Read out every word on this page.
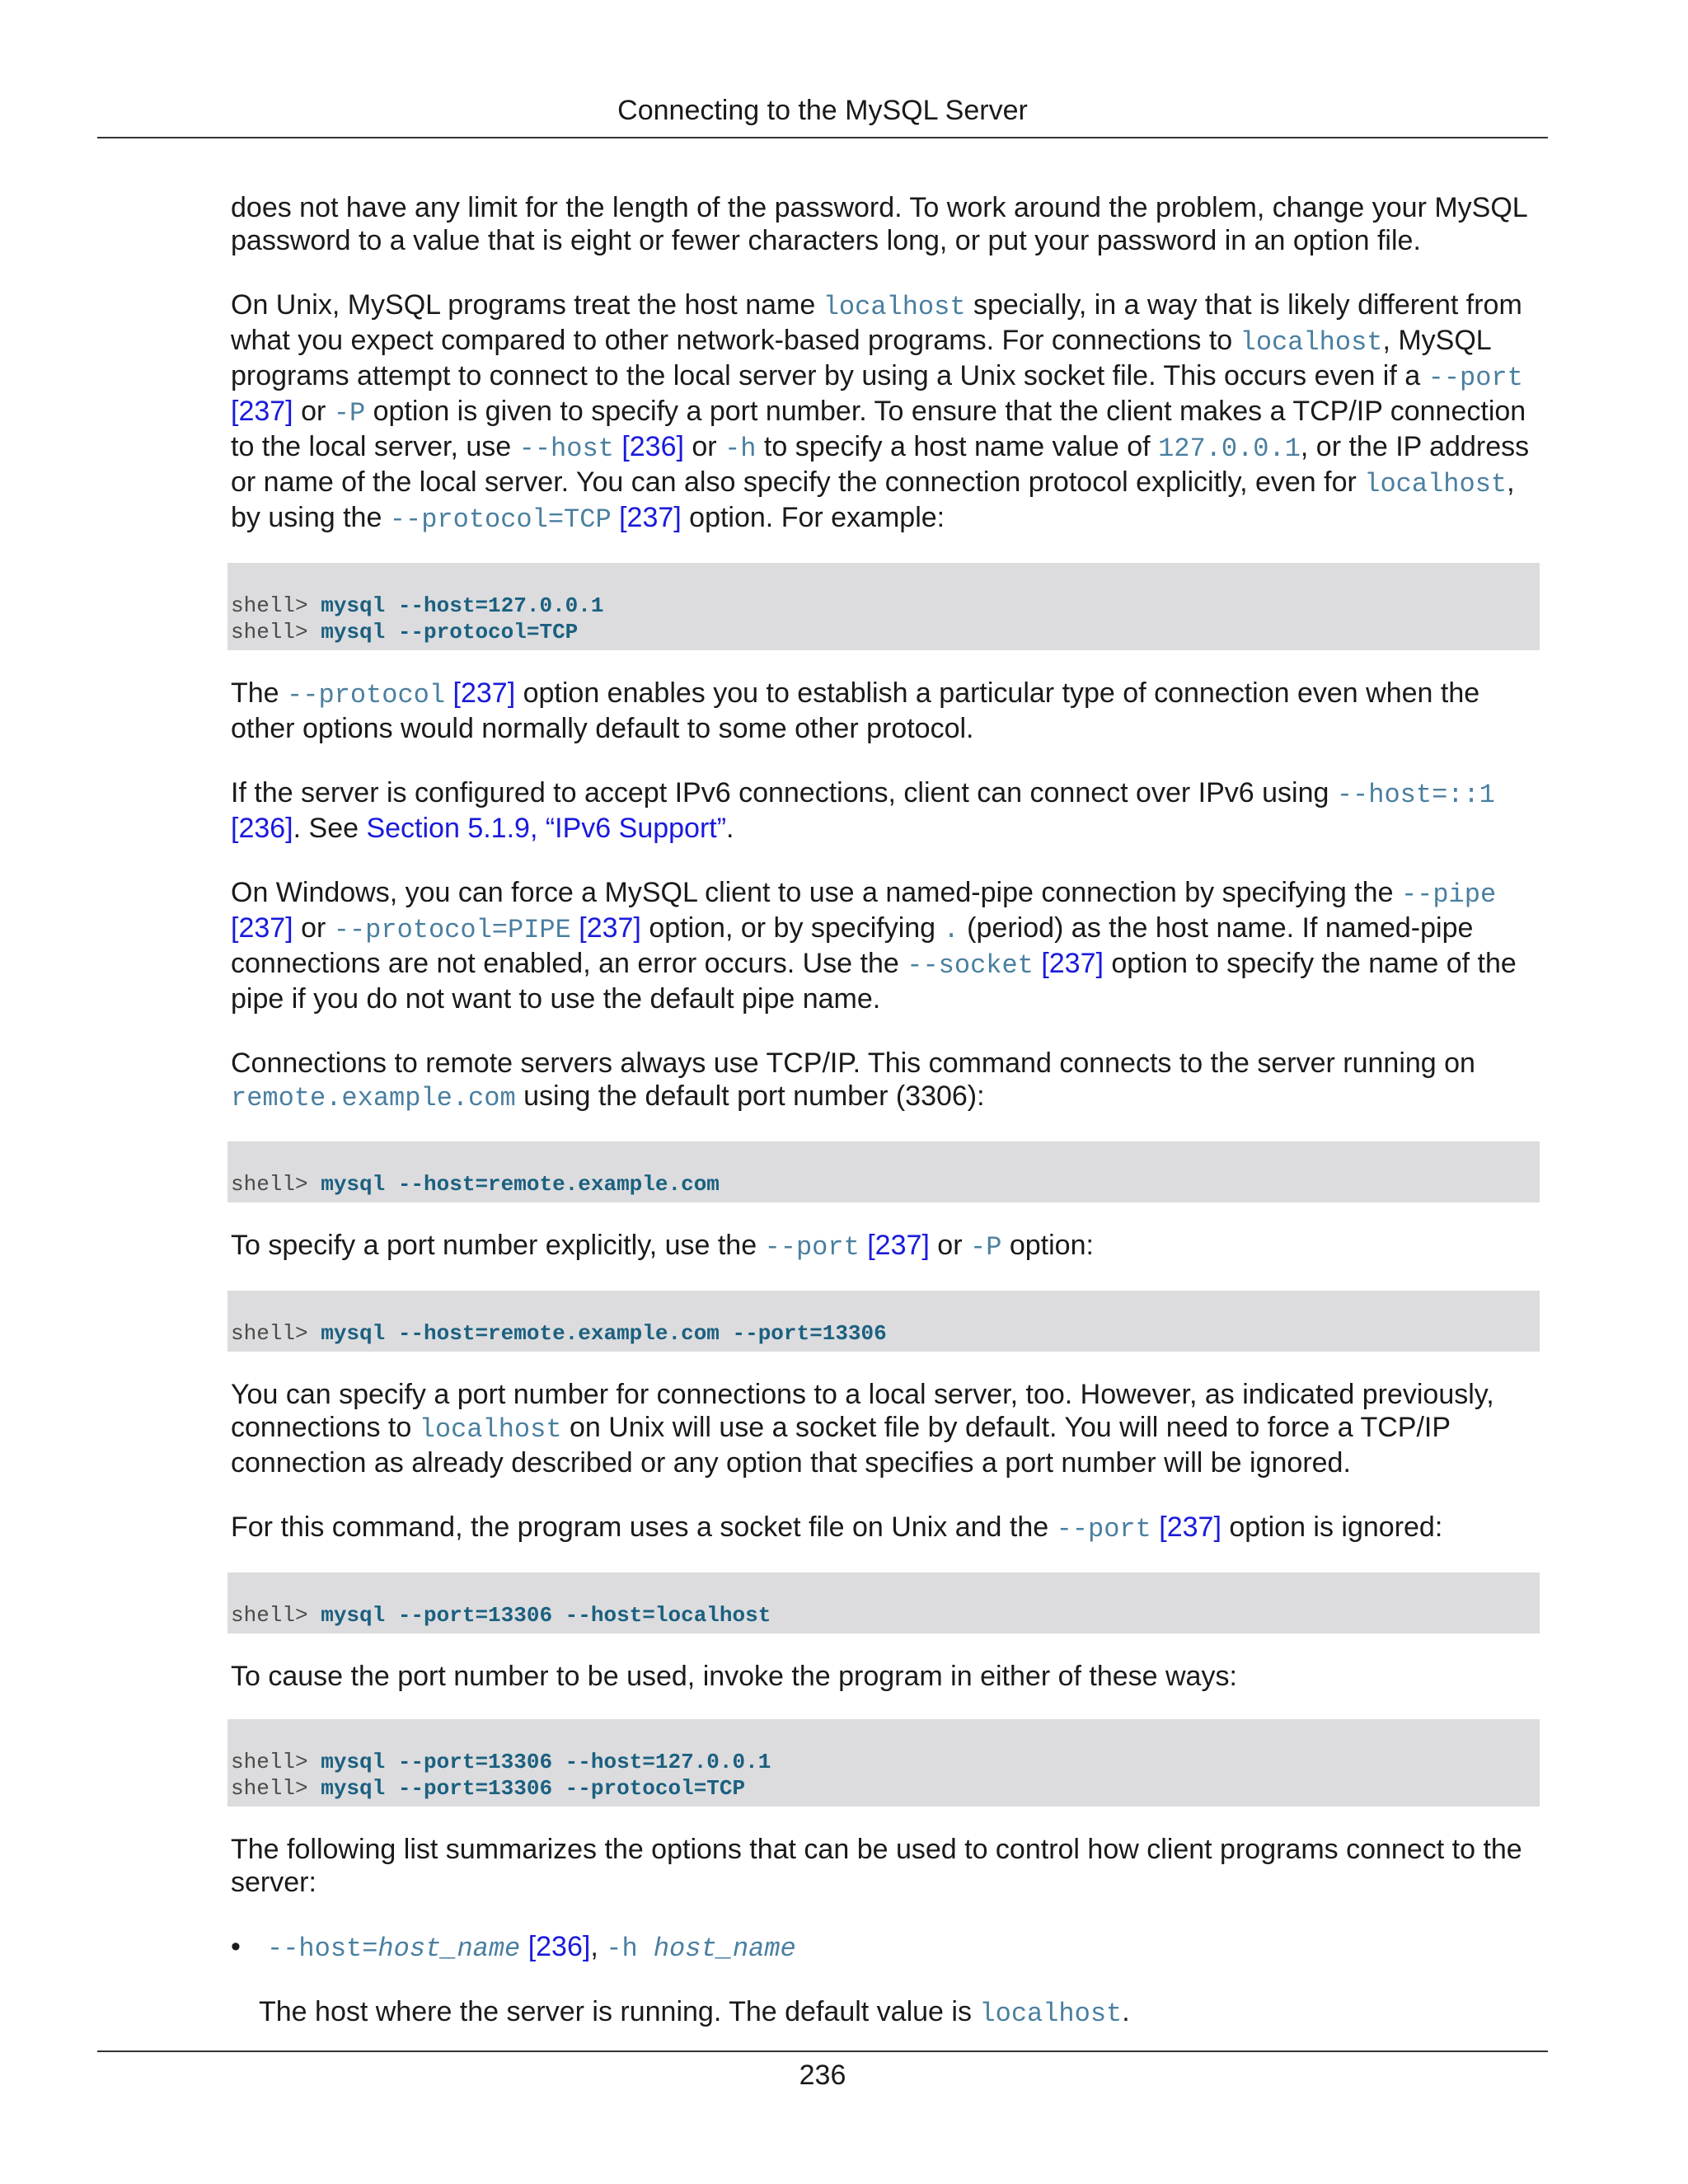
Connecting to the MySQL Server

does not have any limit for the length of the password. To work around the problem, change your MySQL password to a value that is eight or fewer characters long, or put your password in an option file.

On Unix, MySQL programs treat the host name localhost specially, in a way that is likely different from what you expect compared to other network-based programs. For connections to localhost, MySQL programs attempt to connect to the local server by using a Unix socket file. This occurs even if a --port [237] or -P option is given to specify a port number. To ensure that the client makes a TCP/IP connection to the local server, use --host [236] or -h to specify a host name value of 127.0.0.1, or the IP address or name of the local server. You can also specify the connection protocol explicitly, even for localhost, by using the --protocol=TCP [237] option. For example:

shell> mysql --host=127.0.0.1
shell> mysql --protocol=TCP

The --protocol [237] option enables you to establish a particular type of connection even when the other options would normally default to some other protocol.

If the server is configured to accept IPv6 connections, client can connect over IPv6 using --host=::1 [236]. See Section 5.1.9, “IPv6 Support”.

On Windows, you can force a MySQL client to use a named-pipe connection by specifying the --pipe [237] or --protocol=PIPE [237] option, or by specifying . (period) as the host name. If named-pipe connections are not enabled, an error occurs. Use the --socket [237] option to specify the name of the pipe if you do not want to use the default pipe name.

Connections to remote servers always use TCP/IP. This command connects to the server running on remote.example.com using the default port number (3306):

shell> mysql --host=remote.example.com

To specify a port number explicitly, use the --port [237] or -P option:

shell> mysql --host=remote.example.com --port=13306

You can specify a port number for connections to a local server, too. However, as indicated previously, connections to localhost on Unix will use a socket file by default. You will need to force a TCP/IP connection as already described or any option that specifies a port number will be ignored.

For this command, the program uses a socket file on Unix and the --port [237] option is ignored:

shell> mysql --port=13306 --host=localhost

To cause the port number to be used, invoke the program in either of these ways:

shell> mysql --port=13306 --host=127.0.0.1
shell> mysql --port=13306 --protocol=TCP

The following list summarizes the options that can be used to control how client programs connect to the server:

• --host=host_name [236], -h host_name
The host where the server is running. The default value is localhost.
236
